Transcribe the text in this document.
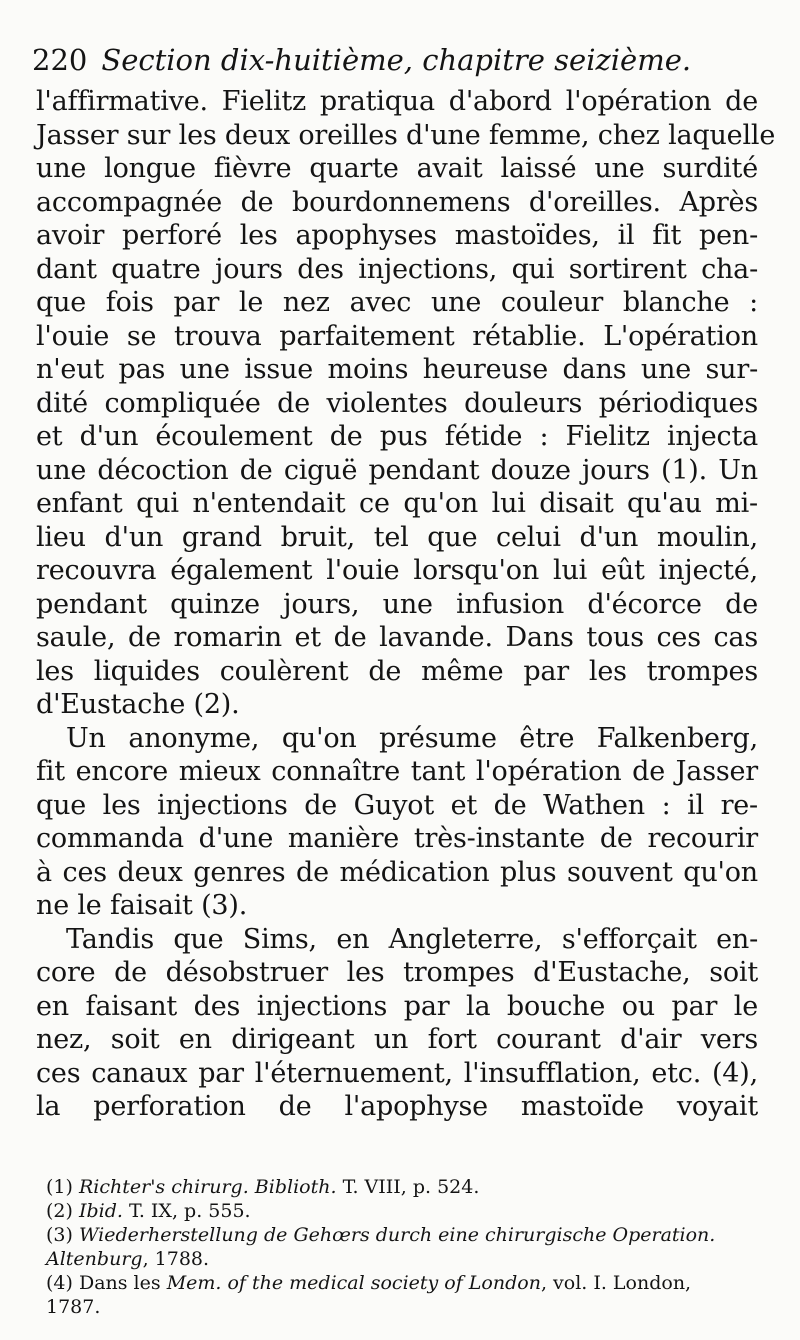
220 Section dix-huitième, chapitre seizième.
l'affirmative. Fielitz pratiqua d'abord l'opération de
Jasser sur les deux oreilles d'une femme, chez laquelle
une longue fièvre quarte avait laissé une surdité
accompagnée de bourdonnemens d'oreilles. Après
avoir perforé les apophyses mastoïdes, il fit pen-
dant quatre jours des injections, qui sortirent cha-
que fois par le nez avec une couleur blanche :
l'ouie se trouva parfaitement rétablie. L'opération
n'eut pas une issue moins heureuse dans une sur-
dité compliquée de violentes douleurs périodiques
et d'un écoulement de pus fétide : Fielitz injecta
une décoction de ciguë pendant douze jours (1). Un
enfant qui n'entendait ce qu'on lui disait qu'au mi-
lieu d'un grand bruit, tel que celui d'un moulin,
recouvra également l'ouie lorsqu'on lui eût injecté,
pendant quinze jours, une infusion d'écorce de
saule, de romarin et de lavande. Dans tous ces cas
les liquides coulèrent de même par les trompes
d'Eustache (2).
Un anonyme, qu'on présume être Falkenberg,
fit encore mieux connaître tant l'opération de Jasser
que les injections de Guyot et de Wathen : il re-
commanda d'une manière très-instante de recourir
à ces deux genres de médication plus souvent qu'on
ne le faisait (3).
Tandis que Sims, en Angleterre, s'efforçait en-
core de désobstruer les trompes d'Eustache, soit
en faisant des injections par la bouche ou par le
nez, soit en dirigeant un fort courant d'air vers
ces canaux par l'éternuement, l'insufflation, etc. (4),
la perforation de l'apophyse mastoïde voyait
(1) Richter's chirurg. Biblioth. T. VIII, p. 524.
(2) Ibid. T. IX, p. 555.
(3) Wiederherstellung de Gehœrs durch eine chirurgische Operation.
Altenburg, 1788.
(4) Dans les Mem. of the medical society of London, vol. I. London,
1787.
